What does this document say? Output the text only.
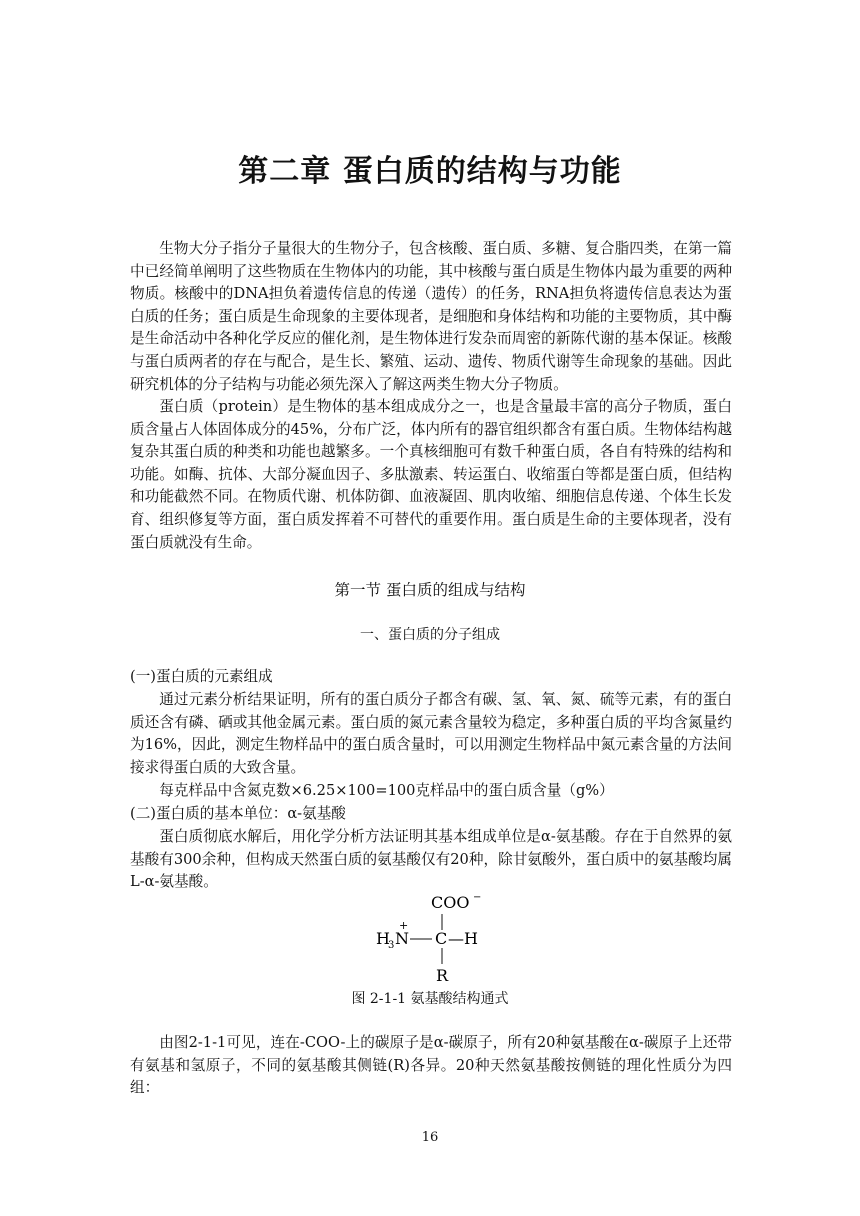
第二章 蛋白质的结构与功能

生物大分子指分子量很大的生物分子，包含核酸、蛋白质、多糖、复合脂四类，在第一篇中已经简单阐明了这些物质在生物体内的功能，其中核酸与蛋白质是生物体内最为重要的两种物质。核酸中的DNA担负着遗传信息的传递（遗传）的任务，RNA担负将遗传信息表达为蛋白质的任务；蛋白质是生命现象的主要体现者，是细胞和身体结构和功能的主要物质，其中酶是生命活动中各种化学反应的催化剂，是生物体进行发杂而周密的新陈代谢的基本保证。核酸与蛋白质两者的存在与配合，是生长、繁殖、运动、遗传、物质代谢等生命现象的基础。因此研究机体的分子结构与功能必须先深入了解这两类生物大分子物质。

蛋白质（protein）是生物体的基本组成成分之一，也是含量最丰富的高分子物质，蛋白质含量占人体固体成分的45%，分布广泛，体内所有的器官组织都含有蛋白质。生物体结构越复杂其蛋白质的种类和功能也越繁多。一个真核细胞可有数千种蛋白质，各自有特殊的结构和功能。如酶、抗体、大部分凝血因子、多肽激素、转运蛋白、收缩蛋白等都是蛋白质，但结构和功能截然不同。在物质代谢、机体防御、血液凝固、肌肉收缩、细胞信息传递、个体生长发育、组织修复等方面，蛋白质发挥着不可替代的重要作用。蛋白质是生命的主要体现者，没有蛋白质就没有生命。

第一节 蛋白质的组成与结构

一、蛋白质的分子组成

(一)蛋白质的元素组成

通过元素分析结果证明，所有的蛋白质分子都含有碳、氢、氧、氮、硫等元素，有的蛋白质还含有磷、硒或其他金属元素。蛋白质的氮元素含量较为稳定，多种蛋白质的平均含氮量约为16%，因此，测定生物样品中的蛋白质含量时，可以用测定生物样品中氮元素含量的方法间接求得蛋白质的大致含量。

每克样品中含氮克数×6.25×100=100克样品中的蛋白质含量（g%）

(二)蛋白质的基本单位：α-氨基酸

蛋白质彻底水解后，用化学分析方法证明其基本组成单位是α-氨基酸。存在于自然界的氨基酸有300余种，但构成天然蛋白质的氨基酸仅有20种，除甘氨酸外，蛋白质中的氨基酸均属L-α-氨基酸。

COO −
H
3 N
+
C —H
R

图 2-1-1 氨基酸结构通式

由图2-1-1可见，连在-COO-上的碳原子是α-碳原子，所有20种氨基酸在α-碳原子上还带有氨基和氢原子，不同的氨基酸其侧链(R)各异。20种天然氨基酸按侧链的理化性质分为四组：

16
